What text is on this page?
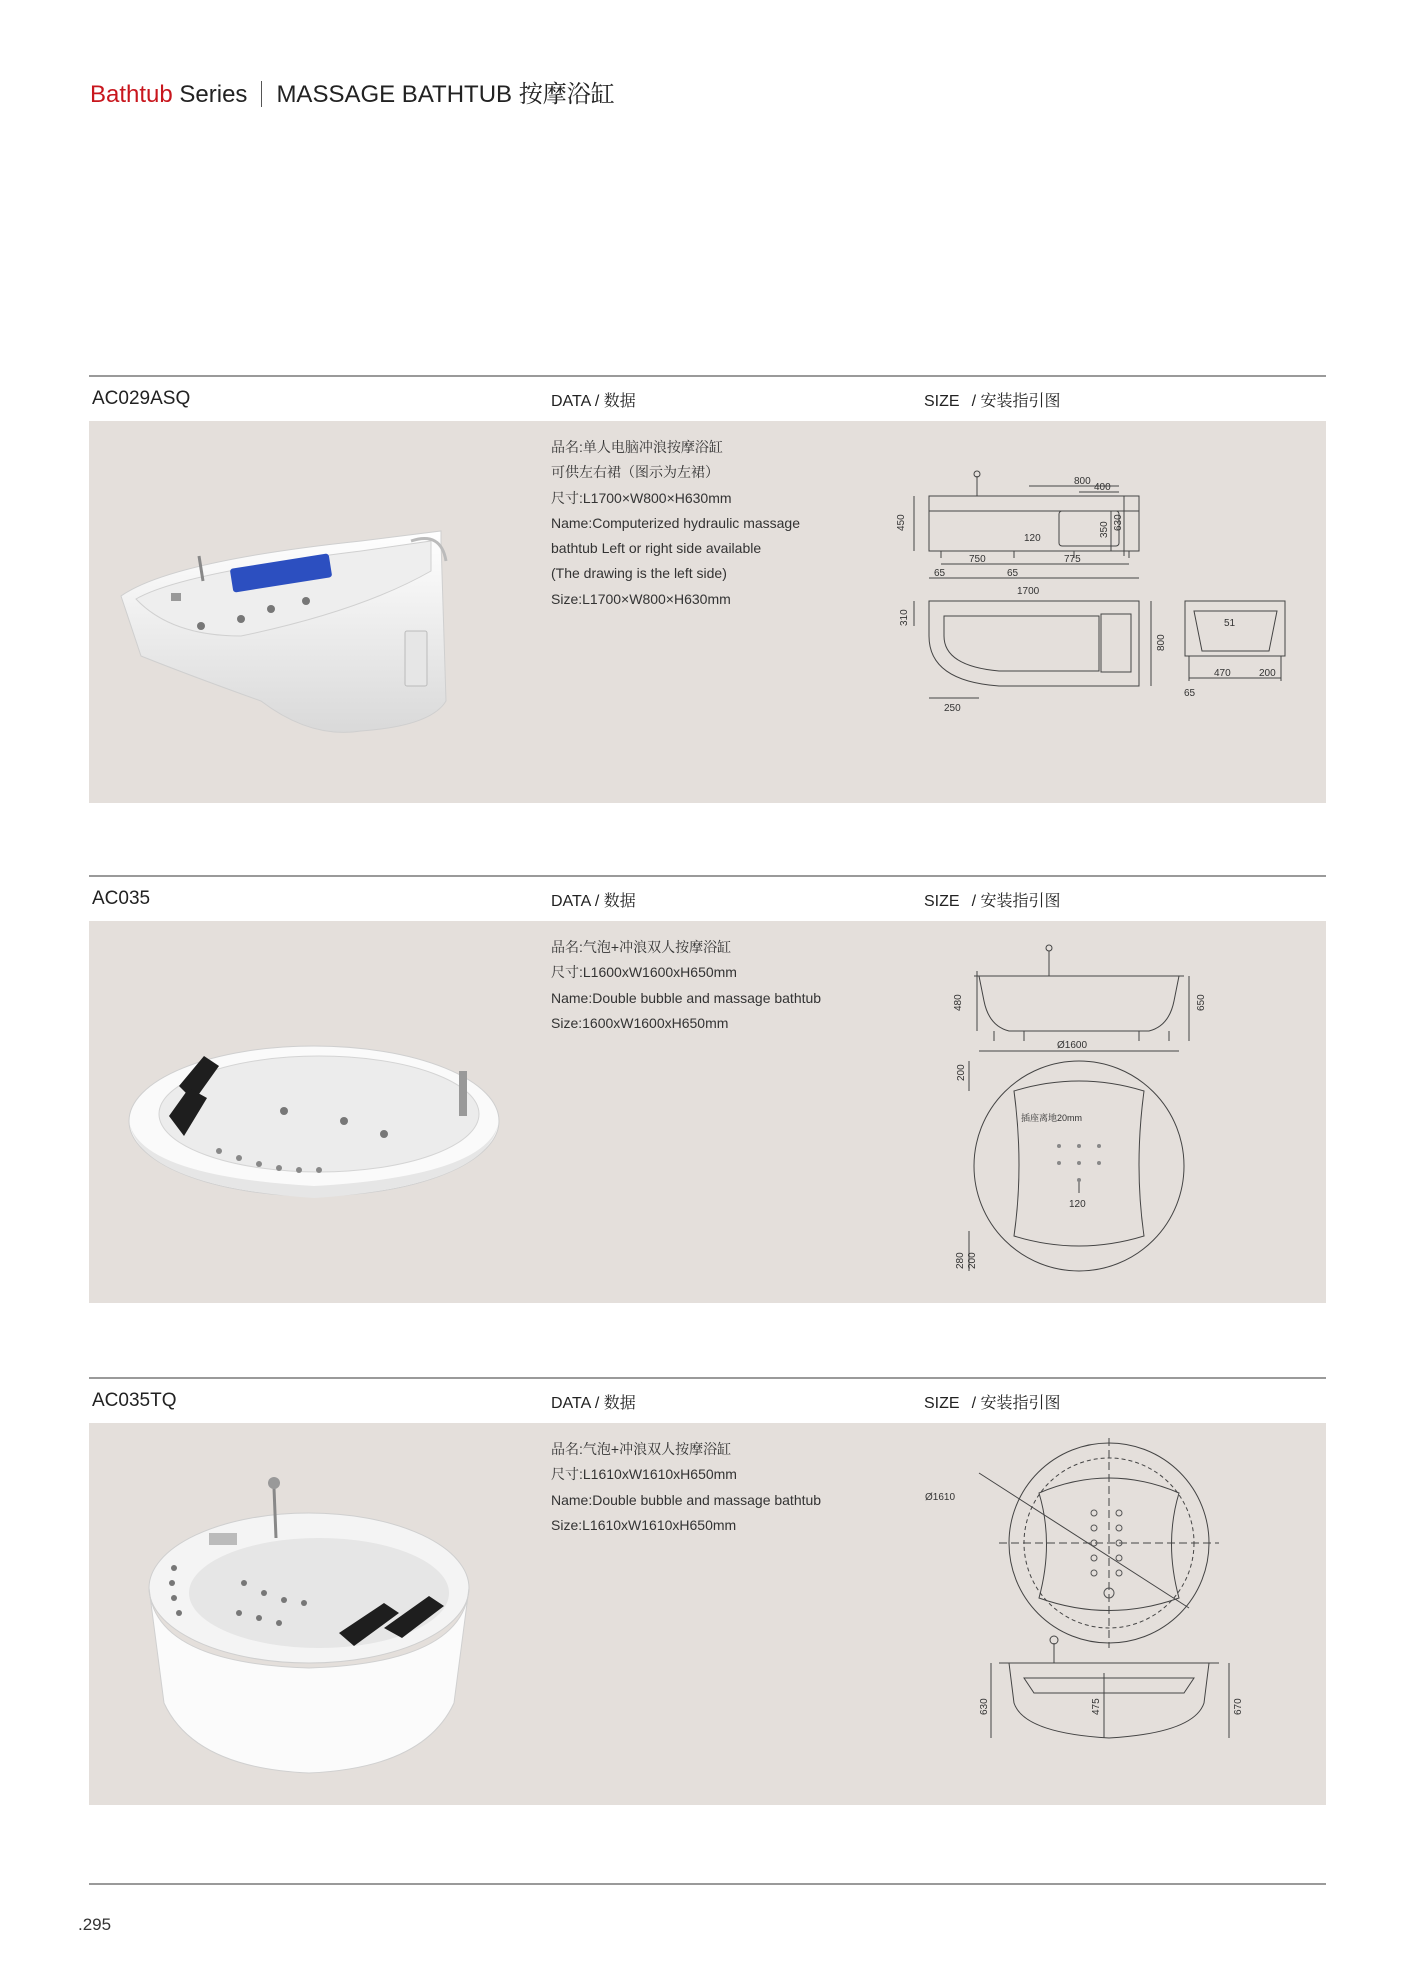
Bathtub Series MASSAGE BATHTUB 按摩浴缸
AC029ASQ	DATA / 数据	SIZE / 安装指引图
品名:单人电脑冲浪按摩浴缸
可供左右裙（图示为左裙）
尺寸:L1700×W800×H630mm
Name:Computerized hydraulic massage
bathtub Left or right side available
(The drawing is the left side)
Size:L1700×W800×H630mm
800
400
450
120
350 630
750	775
65	65
1700
310
800
250
51
470	200
65
AC035	DATA / 数据	SIZE / 安装指引图
品名:气泡+冲浪双人按摩浴缸
尺寸:L1600xW1600xH650mm
Name:Double bubble and massage bathtub
Size:1600xW1600xH650mm
480	650
Ø1600
200
插座离地20mm
120
280 200
AC035TQ	DATA / 数据	SIZE / 安装指引图
品名:气泡+冲浪双人按摩浴缸
尺寸:L1610xW1610xH650mm
Name:Double bubble and massage bathtub
Size:L1610xW1610xH650mm
Ø1610
630	475	670
.295
